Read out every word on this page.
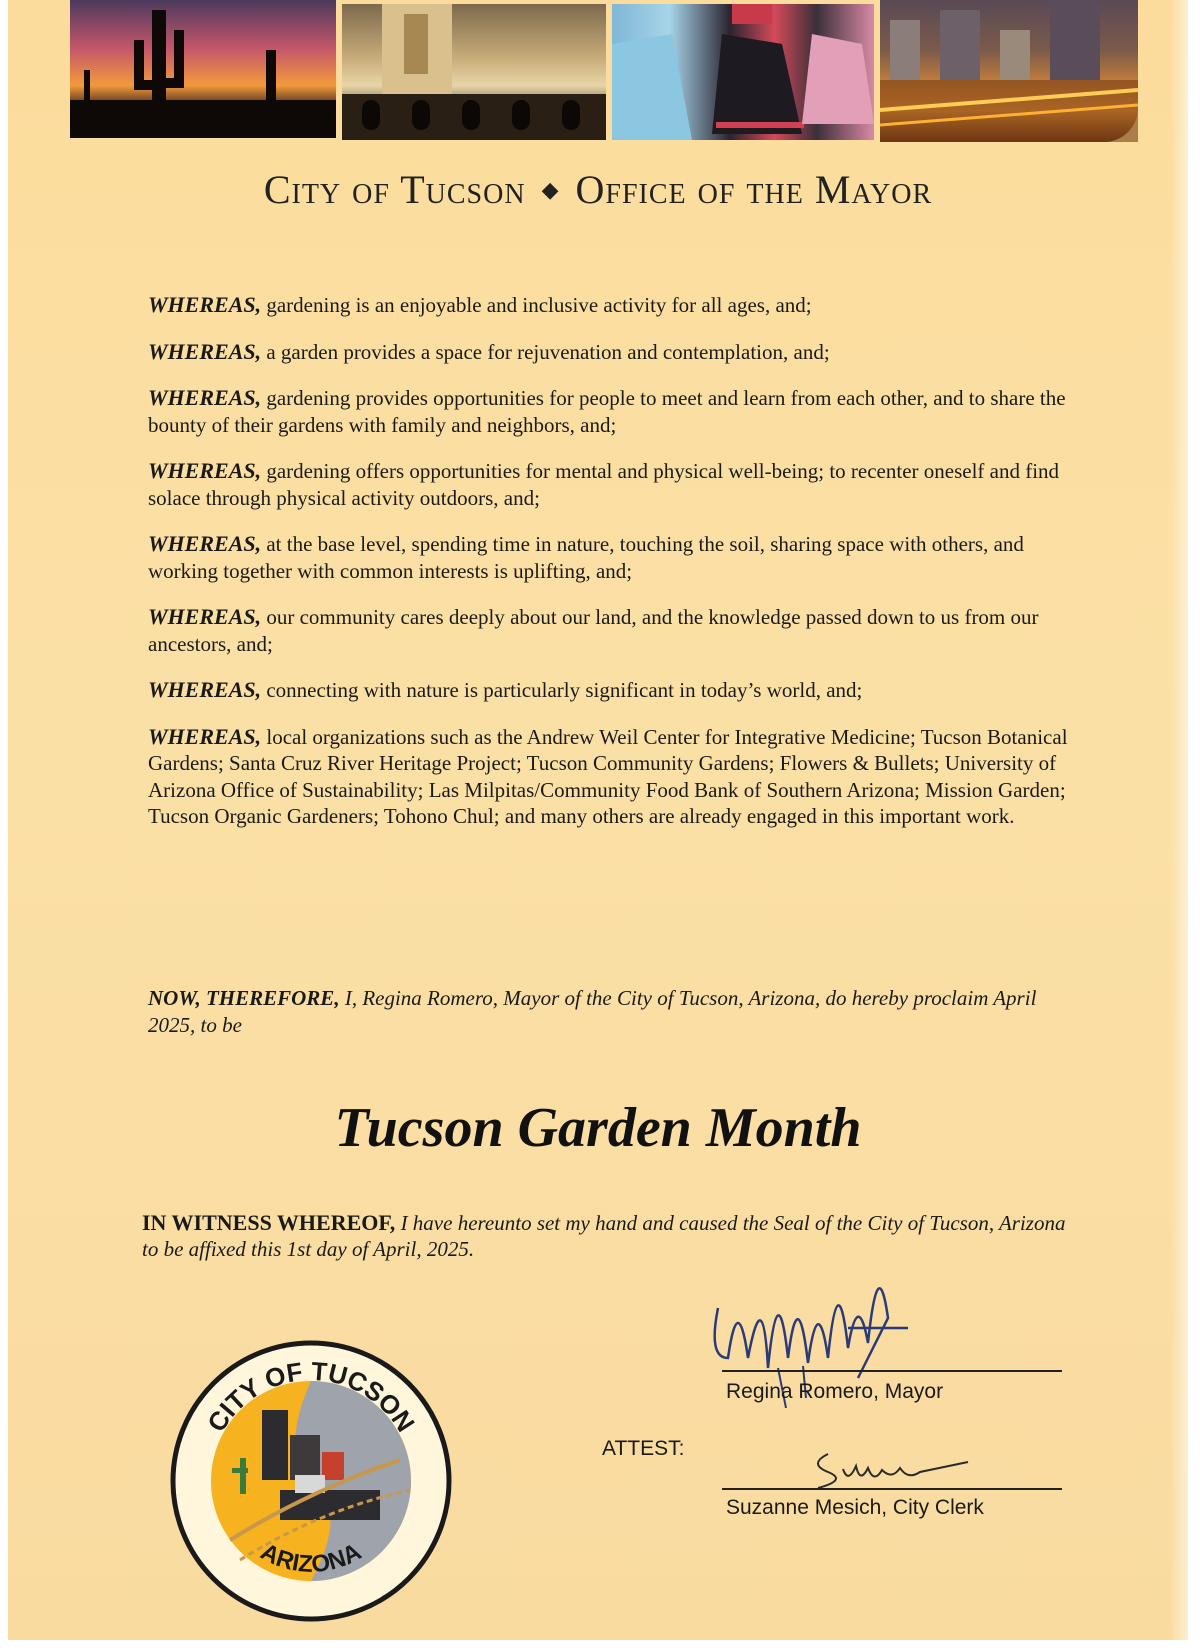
City of Tucson ◆ Office of the Mayor

WHEREAS, gardening is an enjoyable and inclusive activity for all ages, and;

WHEREAS, a garden provides a space for rejuvenation and contemplation, and;

WHEREAS, gardening provides opportunities for people to meet and learn from each other, and to share the bounty of their gardens with family and neighbors, and;

WHEREAS, gardening offers opportunities for mental and physical well-being; to recenter oneself and find solace through physical activity outdoors, and;

WHEREAS, at the base level, spending time in nature, touching the soil, sharing space with others, and working together with common interests is uplifting, and;

WHEREAS, our community cares deeply about our land, and the knowledge passed down to us from our ancestors, and;

WHEREAS, connecting with nature is particularly significant in today’s world, and;

WHEREAS, local organizations such as the Andrew Weil Center for Integrative Medicine; Tucson Botanical Gardens; Santa Cruz River Heritage Project; Tucson Community Gardens; Flowers & Bullets; University of Arizona Office of Sustainability; Las Milpitas/Community Food Bank of Southern Arizona; Mission Garden; Tucson Organic Gardeners; Tohono Chul; and many others are already engaged in this important work.

NOW, THEREFORE, I, Regina Romero, Mayor of the City of Tucson, Arizona, do hereby proclaim April 2025, to be
Tucson Garden Month
IN WITNESS WHEREOF, I have hereunto set my hand and caused the Seal of the City of Tucson, Arizona to be affixed this 1st day of April, 2025.
CITY OF TUCSON
ARIZONA
Regina Romero, Mayor
ATTEST:
Suzanne Mesich, City Clerk
